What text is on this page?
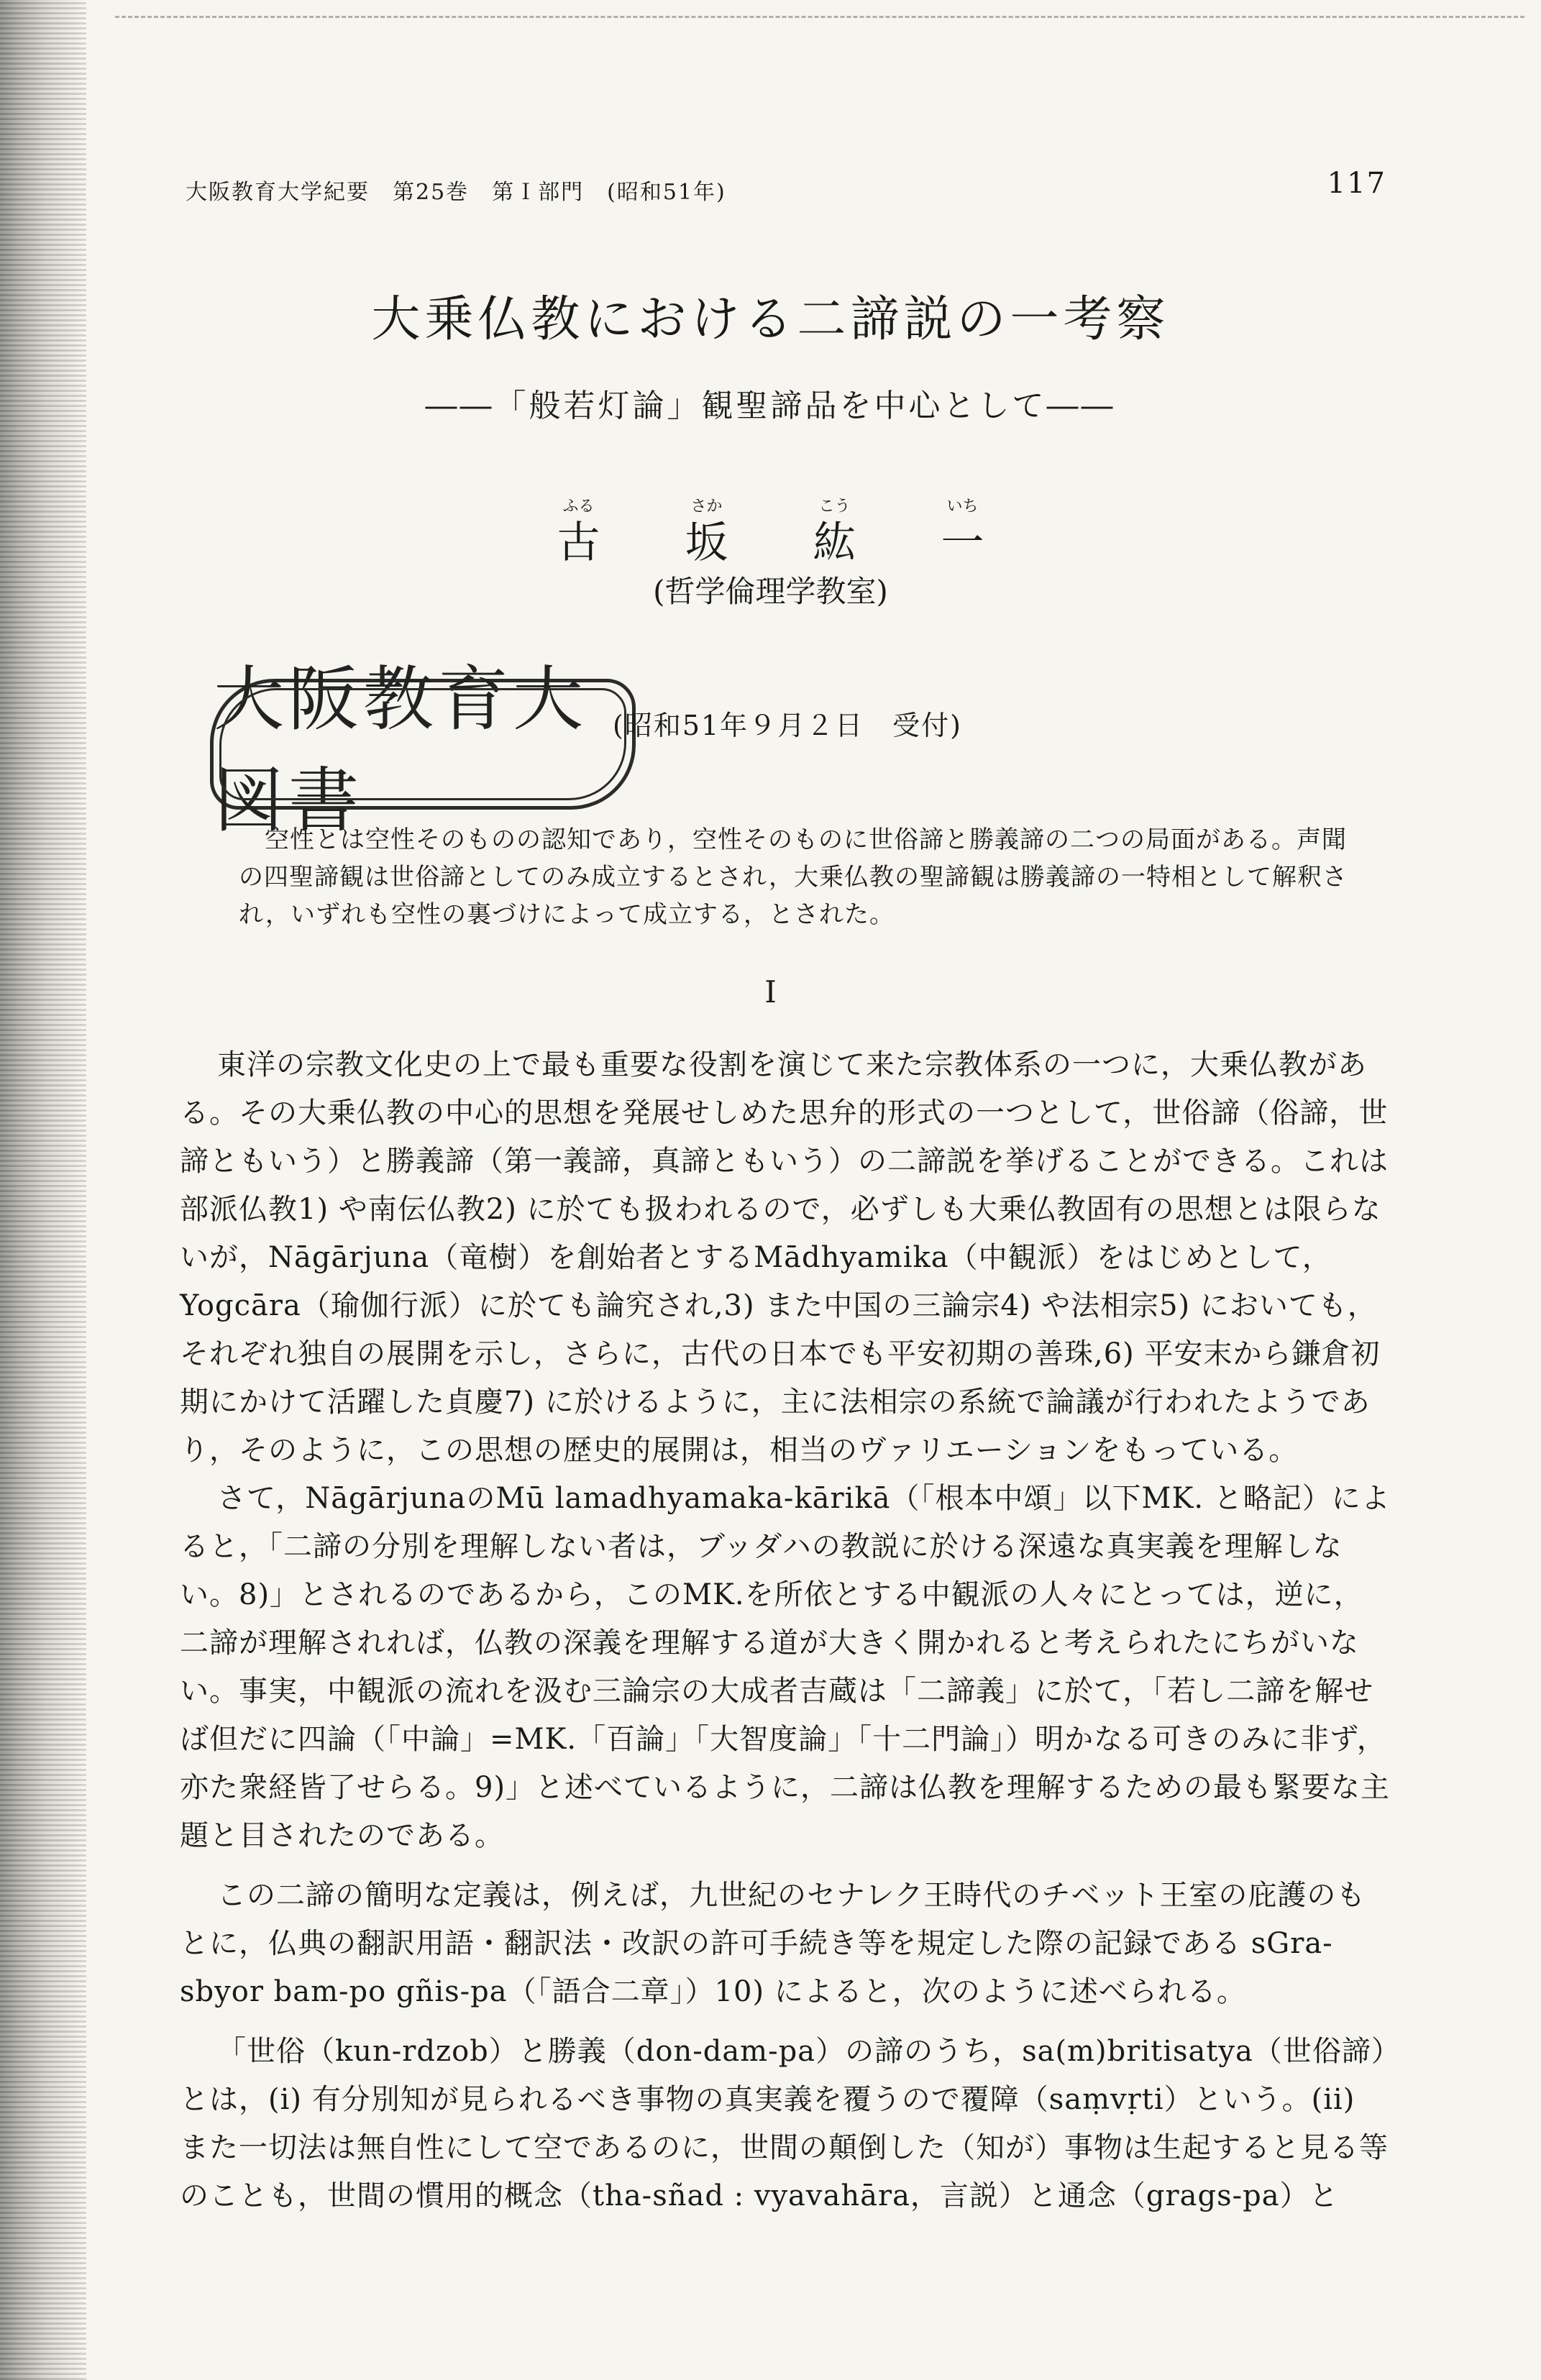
大阪教育大学紀要　第25巻　第Ｉ部門　(昭和51年)	117
大乗仏教における二諦説の一考察
――「般若灯論」観聖諦品を中心として――
ふる
古
さか
坂
こう
紘
いち
一
(哲学倫理学教室)
大阪教育大図書
(昭和51年９月２日　受付)

空性とは空性そのものの認知であり，空性そのものに世俗諦と勝義諦の二つの局面がある。声聞の四聖諦観は世俗諦としてのみ成立するとされ，大乗仏教の聖諦観は勝義諦の一特相として解釈され，いずれも空性の裏づけによって成立する，とされた。

I

東洋の宗教文化史の上で最も重要な役割を演じて来た宗教体系の一つに，大乗仏教がある。その大乗仏教の中心的思想を発展せしめた思弁的形式の一つとして，世俗諦（俗諦，世諦ともいう）と勝義諦（第一義諦，真諦ともいう）の二諦説を挙げることができる。これは部派仏教1) や南伝仏教2) に於ても扱われるので，必ずしも大乗仏教固有の思想とは限らないが，Nāgārjuna（竜樹）を創始者とするMādhyamika（中観派）をはじめとして，Yogcāra（瑜伽行派）に於ても論究され,3) また中国の三論宗4) や法相宗5) においても，それぞれ独自の展開を示し，さらに，古代の日本でも平安初期の善珠,6) 平安末から鎌倉初期にかけて活躍した貞慶7) に於けるように，主に法相宗の系統で論議が行われたようであり，そのように，この思想の歴史的展開は，相当のヴァリエーションをもっている。

さて，NāgārjunaのMū lamadhyamaka-kārikā（「根本中頌」以下MK. と略記）によると，「二諦の分別を理解しない者は，ブッダハの教説に於ける深遠な真実義を理解しない。8)」とされるのであるから，このMK.を所依とする中観派の人々にとっては，逆に，二諦が理解されれば，仏教の深義を理解する道が大きく開かれると考えられたにちがいない。事実，中観派の流れを汲む三論宗の大成者吉蔵は「二諦義」に於て，「若し二諦を解せば但だに四論（「中論」=MK.「百論」「大智度論」「十二門論」）明かなる可きのみに非ず，亦た衆経皆了せらる。9)」と述べているように，二諦は仏教を理解するための最も緊要な主題と目されたのである。

この二諦の簡明な定義は，例えば，九世紀のセナレク王時代のチベット王室の庇護のもとに，仏典の翻訳用語・翻訳法・改訳の許可手続き等を規定した際の記録である sGra-sbyor bam-po gñis-pa（「語合二章」）10) によると，次のように述べられる。

「世俗（kun-rdzob）と勝義（don-dam-pa）の諦のうち，sa(m)britisatya（世俗諦）とは，(i) 有分別知が見られるべき事物の真実義を覆うので覆障（saṃvṛti）という。(ii) また一切法は無自性にして空であるのに，世間の顛倒した（知が）事物は生起すると見る等のことも，世間の慣用的概念（tha-sñad : vyavahāra，言説）と通念（grags-pa）と
